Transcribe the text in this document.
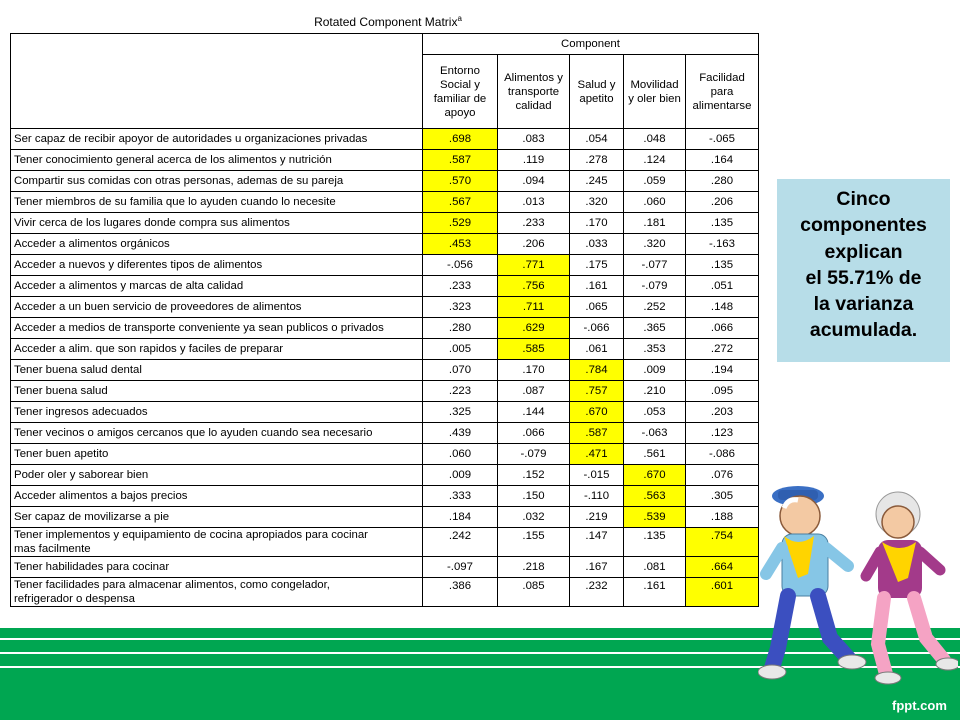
Rotated Component Matrix$^a$
	Component				
	Entorno
Social y
familiar de
apoyo	Alimentos y
transporte
calidad	Salud y
apetito	Movilidad
y oler bien	Facilidad
para
alimentarse
Ser capaz de recibir apoyor de autoridades u organizaciones privadas	.698	.083	.054	.048	-.065
Tener conocimiento general acerca de los alimentos y nutrición	.587	.119	.278	.124	.164
Compartir sus comidas con otras personas, ademas de su pareja	.570	.094	.245	.059	.280
Tener miembros de su familia que lo ayuden cuando lo necesite	.567	.013	.320	.060	.206
Vivir cerca de los lugares donde compra sus alimentos	.529	.233	.170	.181	.135
Acceder a alimentos orgánicos	.453	.206	.033	.320	-.163
Acceder a nuevos y diferentes tipos de alimentos	-.056	.771	.175	-.077	.135
Acceder a alimentos y marcas de alta calidad	.233	.756	.161	-.079	.051
Acceder a un buen servicio de proveedores de alimentos	.323	.711	.065	.252	.148
Acceder a medios de transporte conveniente ya sean publicos o privados	.280	.629	-.066	.365	.066
Acceder a alim. que son rapidos y faciles de preparar	.005	.585	.061	.353	.272
Tener buena salud dental	.070	.170	.784	.009	.194
Tener buena salud	.223	.087	.757	.210	.095
Tener ingresos adecuados	.325	.144	.670	.053	.203
Tener vecinos o amigos cercanos que lo ayuden cuando sea necesario	.439	.066	.587	-.063	.123
Tener buen apetito	.060	-.079	.471	.561	-.086
Poder oler y saborear bien	.009	.152	-.015	.670	.076
Acceder alimentos a bajos precios	.333	.150	-.110	.563	.305
Ser capaz de movilizarse a pie	.184	.032	.219	.539	.188
Tener implementos y equipamiento de cocina apropiados para cocinar
mas facilmente	.242	.155	.147	.135	.754
Tener habilidades para cocinar	-.097	.218	.167	.081	.664
Tener facilidades para almacenar alimentos, como congelador,
refrigerador o despensa	.386	.085	.232	.161	.601
Cinco
componentes
explican
el 55.71% de
la varianza
acumulada.
fppt.com
